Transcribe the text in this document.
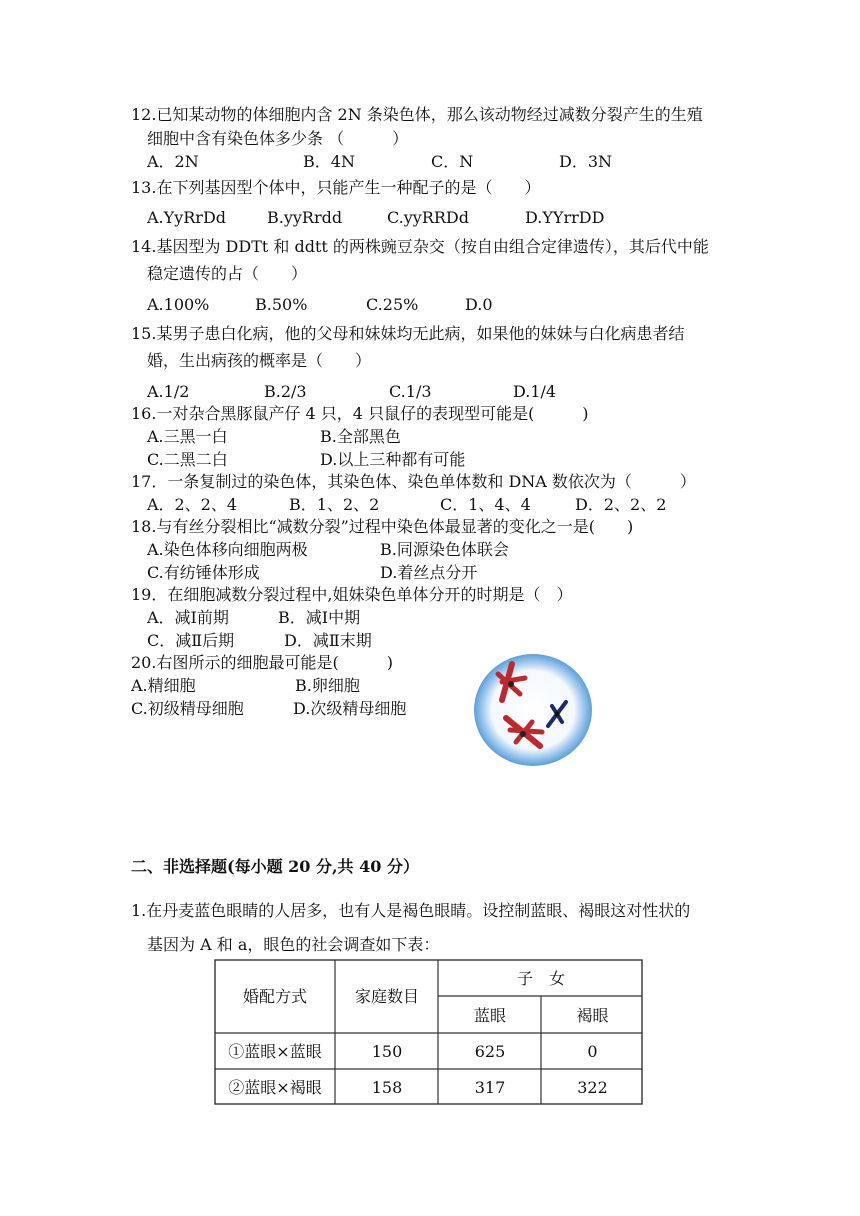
12.已知某动物的体细胞内含 2N 条染色体，那么该动物经过减数分裂产生的生殖
细胞中含有染色体多少条 （　　　）
A．2N	B．4N	C．N	D．3N
13.在下列基因型个体中，只能产生一种配子的是（　　）
A.YyRrDd	B.yyRrdd	C.yyRRDd	D.YYrrDD
14.基因型为 DDTt 和 ddtt 的两株豌豆杂交（按自由组合定律遗传），其后代中能
稳定遗传的占（　　）
A.100%	B.50%	C.25%	D.0
15.某男子患白化病，他的父母和妹妹均无此病，如果他的妹妹与白化病患者结
婚，生出病孩的概率是（　　）
A.1/2	B.2/3	C.1/3	D.1/4
16.一对杂合黑豚鼠产仔 4 只，4 只鼠仔的表现型可能是(　　　)
A.三黑一白	B.全部黑色
C.二黑二白	D.以上三种都有可能
17．一条复制过的染色体，其染色体、染色单体数和 DNA 数依次为（　　　）
A．2、2、4	B．1、2、2	C．1、4、4	D．2、2、2
18.与有丝分裂相比“减数分裂”过程中染色体最显著的变化之一是(　　)
A.染色体移向细胞两极	B.同源染色体联会
C.有纺锤体形成	D.着丝点分开
19．在细胞减数分裂过程中,姐妹染色单体分开的时期是（　）
A．减Ⅰ前期	B．减Ⅰ中期
C．减Ⅱ后期	D．减Ⅱ末期
20.右图所示的细胞最可能是(　　　)
A.精细胞	B.卵细胞
C.初级精母细胞	D.次级精母细胞
二、非选择题(每小题 20 分,共 40 分）
1.在丹麦蓝色眼睛的人居多，也有人是褐色眼睛。设控制蓝眼、褐眼这对性状的
基因为 A 和 a，眼色的社会调查如下表：
婚配方式	家庭数目
子　女
蓝眼	褐眼
①蓝眼×蓝眼	150	625	0
②蓝眼×褐眼	158	317	322
